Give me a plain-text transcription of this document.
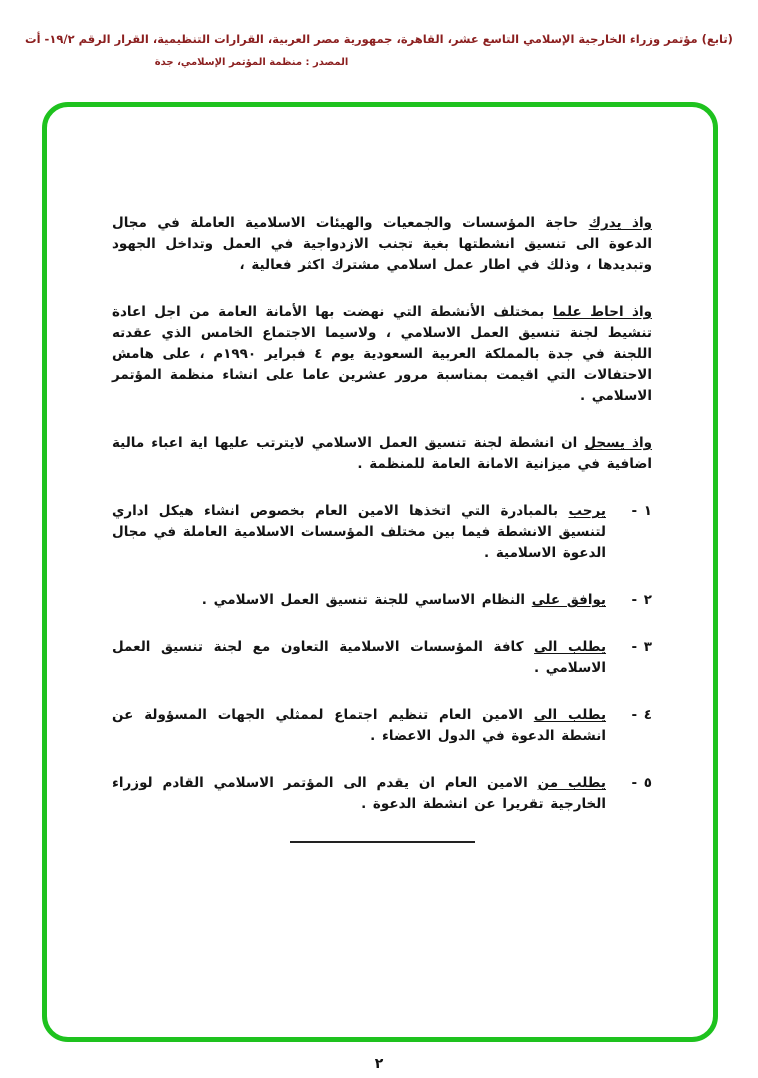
(تابع) مؤتمر وزراء الخارجية الإسلامي التاسع عشر، القاهرة، جمهورية مصر العربية، القرارات التنظيمية، القرار الرقم ١٩/٢- أت
المصدر : منظمة المؤتمر الإسلامي، جدة

واذ يدرك حاجة المؤسسات والجمعيات والهيئات الاسلامية العاملة في مجال الدعوة الى تنسيق انشطتها بغية تجنب الازدواجية في العمل وتداخل الجهود وتبديدها ، وذلك في اطار عمل اسلامي مشترك اكثر فعالية ،

واذ احاط علما بمختلف الأنشطة التي نهضت بها الأمانة العامة من اجل اعادة تنشيط لجنة تنسيق العمل الاسلامي ، ولاسيما الاجتماع الخامس الذي عقدته اللجنة في جدة بالمملكة العربية السعودية يوم ٤ فبراير ١٩٩٠م ، على هامش الاحتفالات التي اقيمت بمناسبة مرور عشرين عاما على انشاء منظمة المؤتمر الاسلامي .

واذ يسجل ان انشطة لجنة تنسيق العمل الاسلامي لايترتب عليها اية اعباء مالية اضافية في ميزانية الامانة العامة للمنظمة .

١ -
يرحب بالمبادرة التي اتخذها الامين العام بخصوص انشاء هيكل اداري لتنسيق الانشطة فيما بين مختلف المؤسسات الاسلامية العاملة في مجال الدعوة الاسلامية .
٢ -
يوافق على النظام الاساسي للجنة تنسيق العمل الاسلامي .
٣ -
يطلب الى كافة المؤسسات الاسلامية التعاون مع لجنة تنسيق العمل الاسلامي .
٤ -
يطلب الى الامين العام تنظيم اجتماع لممثلي الجهات المسؤولة عن انشطة الدعوة في الدول الاعضاء .
٥ -
يطلب من الامين العام ان يقدم الى المؤتمر الاسلامي القادم لوزراء الخارجية تقريرا عن انشطة الدعوة .
٢
